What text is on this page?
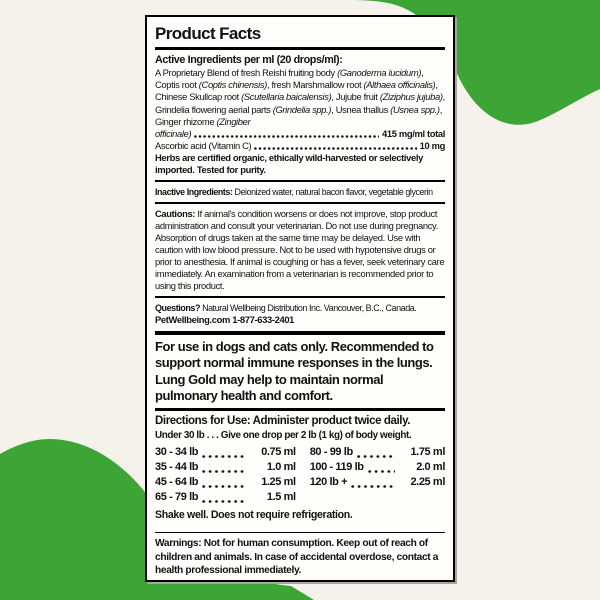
Product Facts
Active Ingredients per ml (20 drops/ml):

A Proprietary Blend of fresh Reishi fruiting body (Ganoderma lucidum), Coptis root (Coptis chinensis), fresh Marshmallow root (Althaea officinalis), Chinese Skullcap root (Scutellaria baicalensis), Jujube fruit (Ziziphus jujuba), Grindelia flowering aerial parts (Grindelia spp.), Usnea thallus (Usnea spp.), Ginger rhizome (Zingiber

officinale)	415 mg/ml total
Ascorbic acid (Vitamin C)	10 mg

Herbs are certified organic, ethically wild-harvested or selectively imported. Tested for purity.

Inactive Ingredients: Deionized water, natural bacon flavor, vegetable glycerin

Cautions: If animal's condition worsens or does not improve, stop product administration and consult your veterinarian. Do not use during pregnancy. Absorption of drugs taken at the same time may be delayed. Use with caution with low blood pressure. Not to be used with hypotensive drugs or prior to anesthesia. If animal is coughing or has a fever, seek veterinary care immediately. An examination from a veterinarian is recommended prior to using this product.

Questions? Natural Wellbeing Distribution Inc. Vancouver, B.C., Canada.

PetWellbeing.com 1-877-633-2401

For use in dogs and cats only. Recommended to support normal immune responses in the lungs. Lung Gold may help to maintain normal pulmonary health and comfort.

Directions for Use: Administer product twice daily.
Under 30 lb . . . Give one drop per 2 lb (1 kg) of body weight.
30 - 34 lb	0.75 ml
35 - 44 lb	1.0 ml
45 - 64 lb	1.25 ml
65 - 79 lb	1.5 ml
80 - 99 lb	1.75 ml
100 - 119 lb	2.0 ml
120 lb +	2.25 ml

Shake well. Does not require refrigeration.

Warnings: Not for human consumption. Keep out of reach of children and animals. In case of accidental overdose, contact a health professional immediately.
